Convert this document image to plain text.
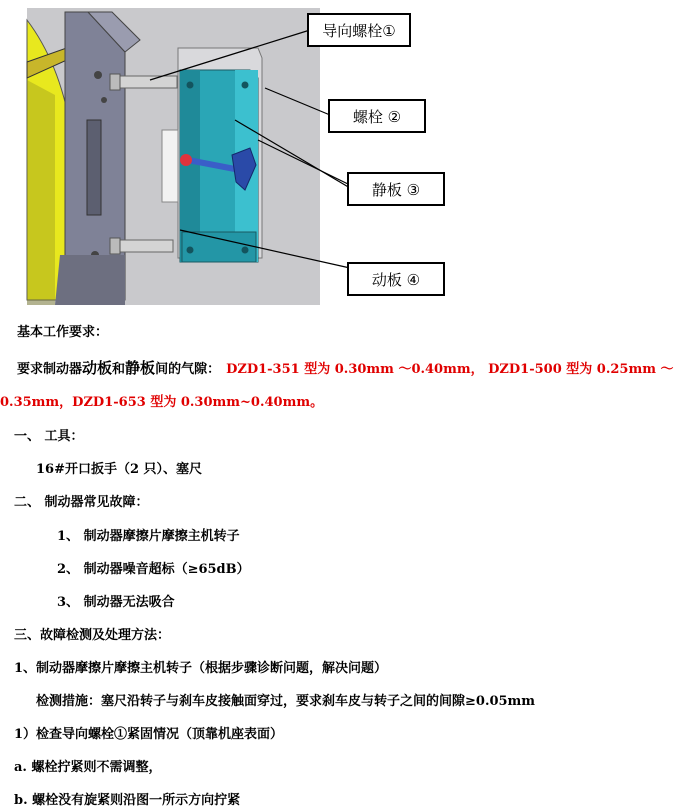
导向螺栓①
螺栓 ②
静板 ③
动板 ④
基本工作要求：
要求制动器动板和静板间的气隙： DZD1-351 型为 0.30mm ～0.40mm， DZD1-500 型为 0.25mm ～
0.35mm，DZD1-653 型为 0.30mm~0.40mm。
一、 工具：
16#开口扳手（2 只）、塞尺
二、 制动器常见故障：
1、 制动器摩擦片摩擦主机转子
2、 制动器噪音超标（≥65dB）
3、 制动器无法吸合
三、故障检测及处理方法：
1、制动器摩擦片摩擦主机转子（根据步骤诊断问题，解决问题）
检测措施：塞尺沿转子与刹车皮接触面穿过，要求刹车皮与转子之间的间隙≥0.05mm
1）检查导向螺栓①紧固情况（顶靠机座表面）
a. 螺栓拧紧则不需调整，
b. 螺栓没有旋紧则沿图一所示方向拧紧
